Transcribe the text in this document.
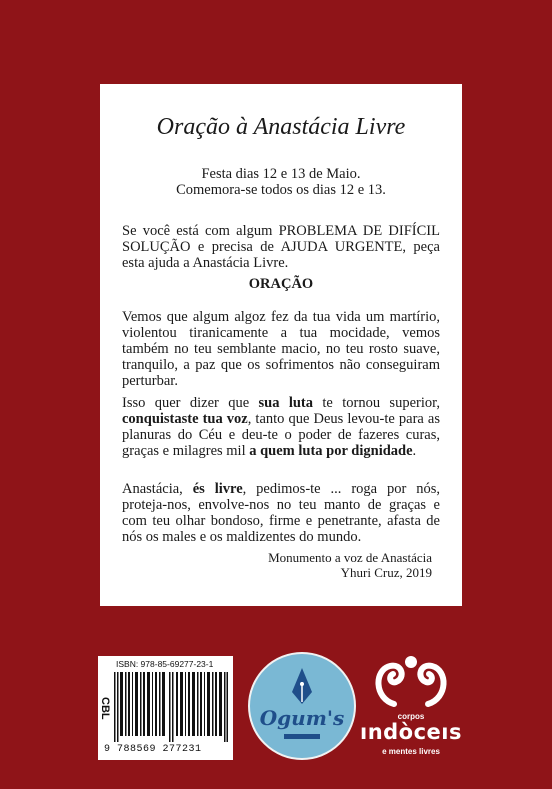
Oração à Anastácia Livre
Festa dias 12 e 13 de Maio.
Comemora-se todos os dias 12 e 13.
Se você está com algum PROBLEMA DE DIFÍCIL SOLUÇÃO e precisa de AJUDA URGENTE, peça esta ajuda a Anastácia Livre.
ORAÇÃO
Vemos que algum algoz fez da tua vida um martírio, violentou tiranicamente a tua mocidade, vemos também no teu semblante macio, no teu rosto suave, tranquilo, a paz que os sofrimentos não conseguiram perturbar.
Isso quer dizer que sua luta te tornou superior, conquistaste tua voz, tanto que Deus levou-te para as planuras do Céu e deu-te o poder de fazeres curas, graças e milagres mil a quem luta por dignidade.
Anastácia, és livre, pedimos-te ... roga por nós, proteja-nos, envolve-nos no teu manto de graças e com teu olhar bondoso, firme e penetrante, afasta de nós os males e os maldizentes do mundo.
Monumento a voz de Anastácia
Yhuri Cruz, 2019
ISBN: 978-85-69277-23-1
CBL
9 788569 277231
Ogum's	corpos
ındòceıs
e mentes livres
